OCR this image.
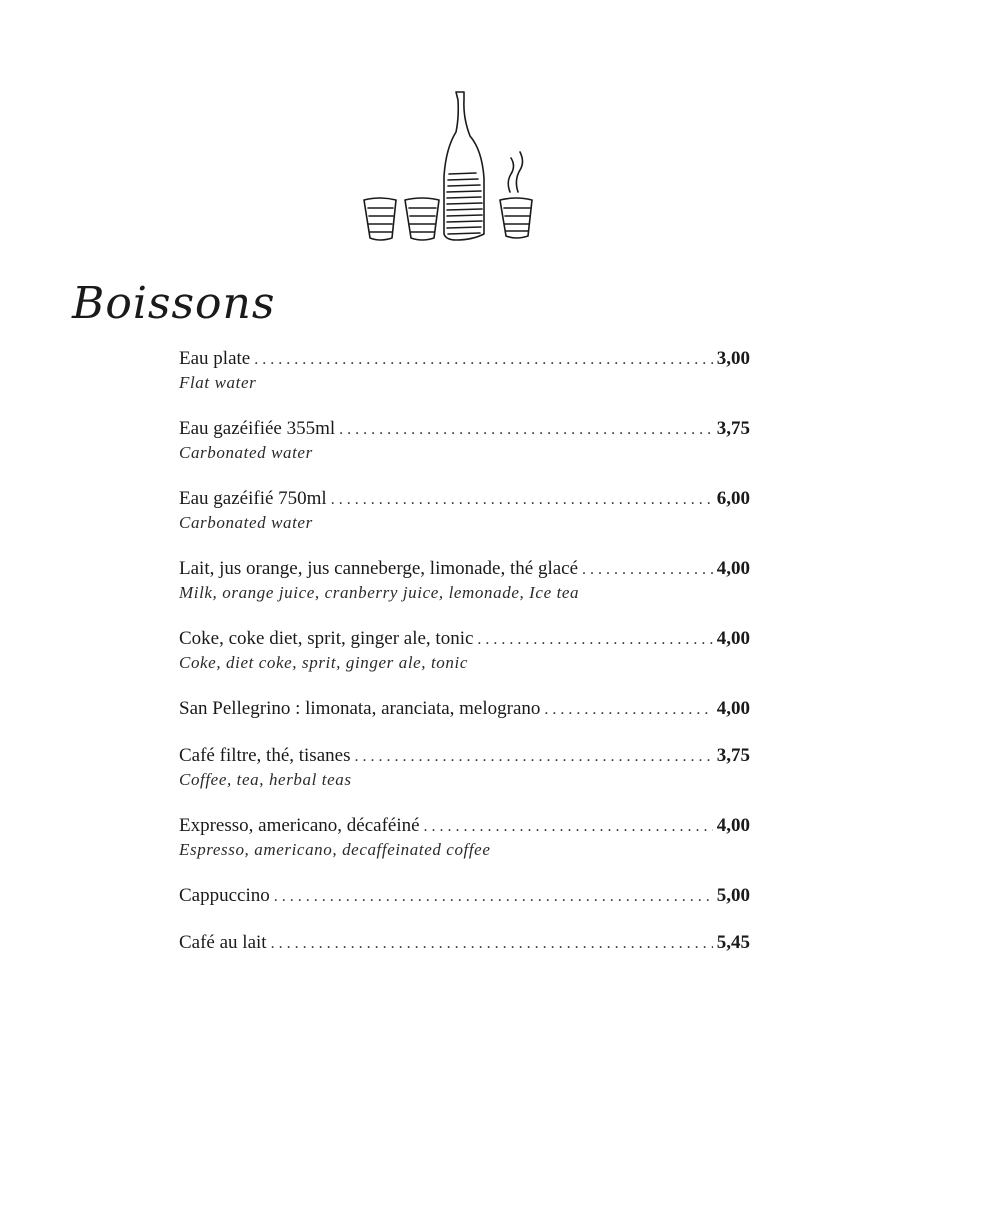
Boissons
Eau plate . . .	3,00
Flat water
Eau gazéifiée 355ml . . .	3,75
Carbonated water
Eau gazéifié 750ml . . .	6,00
Carbonated water
Lait, jus orange, jus canneberge, limonade, thé glacé . . .	4,00
Milk, orange juice, cranberry juice, lemonade, Ice tea
Coke, coke diet, sprit, ginger ale, tonic . . .	4,00
Coke, diet coke, sprit, ginger ale, tonic
San Pellegrino : limonata, aranciata, melograno . . .	4,00
Café filtre, thé, tisanes . . .	3,75
Coffee, tea, herbal teas
Expresso, americano, décaféiné . . .	4,00
Espresso, americano, decaffeinated coffee
Cappuccino . . .	5,00
Café au lait . . .	5,45
